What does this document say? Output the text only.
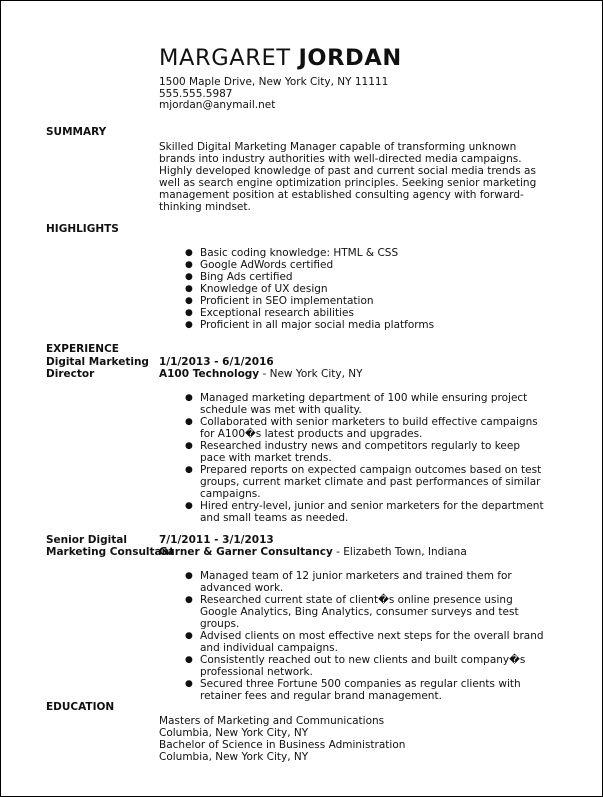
MARGARET JORDAN
1500 Maple Drive, New York City, NY 11111
555.555.5987
mjordan@anymail.net
SUMMARY
Skilled Digital Marketing Manager capable of transforming unknown brands into industry authorities with well-directed media campaigns. Highly developed knowledge of past and current social media trends as well as search engine optimization principles. Seeking senior marketing management position at established consulting agency with forward-thinking mindset.
HIGHLIGHTS
● Basic coding knowledge: HTML & CSS
● Google AdWords certified
● Bing Ads certified
● Knowledge of UX design
● Proficient in SEO implementation
● Exceptional research abilities
● Proficient in all major social media platforms
EXPERIENCE
Digital Marketing
Director
1/1/2013 - 6/1/2016
A100 Technology - New York City, NY
● Managed marketing department of 100 while ensuring project schedule was met with quality.
● Collaborated with senior marketers to build effective campaigns for A100�s latest products and upgrades.
● Researched industry news and competitors regularly to keep pace with market trends.
● Prepared reports on expected campaign outcomes based on test groups, current market climate and past performances of similar campaigns.
● Hired entry-level, junior and senior marketers for the department and small teams as needed.
Senior Digital
Marketing Consultant
7/1/2011 - 3/1/2013
Garner & Garner Consultancy - Elizabeth Town, Indiana
● Managed team of 12 junior marketers and trained them for advanced work.
● Researched current state of client�s online presence using Google Analytics, Bing Analytics, consumer surveys and test groups.
● Advised clients on most effective next steps for the overall brand and individual campaigns.
● Consistently reached out to new clients and built company�s professional network.
● Secured three Fortune 500 companies as regular clients with retainer fees and regular brand management.
EDUCATION
Masters of Marketing and Communications
Columbia, New York City, NY
Bachelor of Science in Business Administration
Columbia, New York City, NY
